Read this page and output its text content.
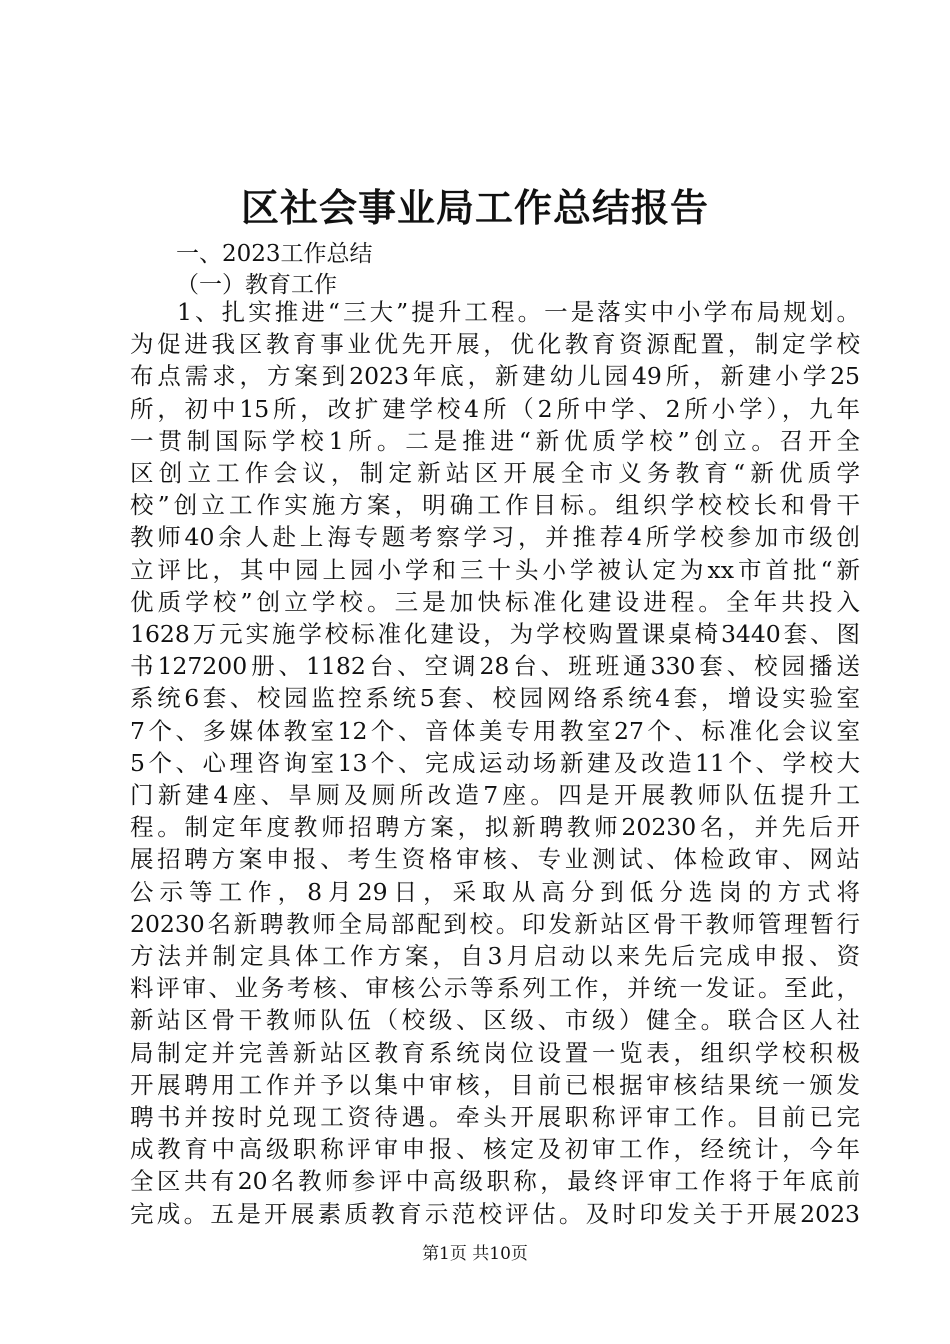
区社会事业局工作总结报告

一、2023工作总结

（一）教育工作

1、扎实推进“三大”提升工程。一是落实中小学布局规划。
为促进我区教育事业优先开展，优化教育资源配置，制定学校
布点需求，方案到2023年底，新建幼儿园49所，新建小学25
所，初中15所，改扩建学校4所（2所中学、2所小学），九年
一贯制国际学校1所。二是推进“新优质学校”创立。召开全
区创立工作会议，制定新站区开展全市义务教育“新优质学
校”创立工作实施方案，明确工作目标。组织学校校长和骨干
教师40余人赴上海专题考察学习，并推荐4所学校参加市级创
立评比，其中园上园小学和三十头小学被认定为xx市首批“新
优质学校”创立学校。三是加快标准化建设进程。全年共投入
1628万元实施学校标准化建设，为学校购置课桌椅3440套、图
书127200册、1182台、空调28台、班班通330套、校园播送
系统6套、校园监控系统5套、校园网络系统4套，增设实验室
7个、多媒体教室12个、音体美专用教室27个、标准化会议室
5个、心理咨询室13个、完成运动场新建及改造11个、学校大
门新建4座、旱厕及厕所改造7座。四是开展教师队伍提升工
程。制定年度教师招聘方案，拟新聘教师20230名，并先后开
展招聘方案申报、考生资格审核、专业测试、体检政审、网站
公示等工作，8月29日，采取从高分到低分选岗的方式将
20230名新聘教师全局部配到校。印发新站区骨干教师管理暂行
方法并制定具体工作方案，自3月启动以来先后完成申报、资
料评审、业务考核、审核公示等系列工作，并统一发证。至此，
新站区骨干教师队伍（校级、区级、市级）健全。联合区人社
局制定并完善新站区教育系统岗位设置一览表，组织学校积极
开展聘用工作并予以集中审核，目前已根据审核结果统一颁发
聘书并按时兑现工资待遇。牵头开展职称评审工作。目前已完
成教育中高级职称评审申报、核定及初审工作，经统计，今年
全区共有20名教师参评中高级职称，最终评审工作将于年底前
完成。五是开展素质教育示范校评估。及时印发关于开展2023
第1页 共10页
